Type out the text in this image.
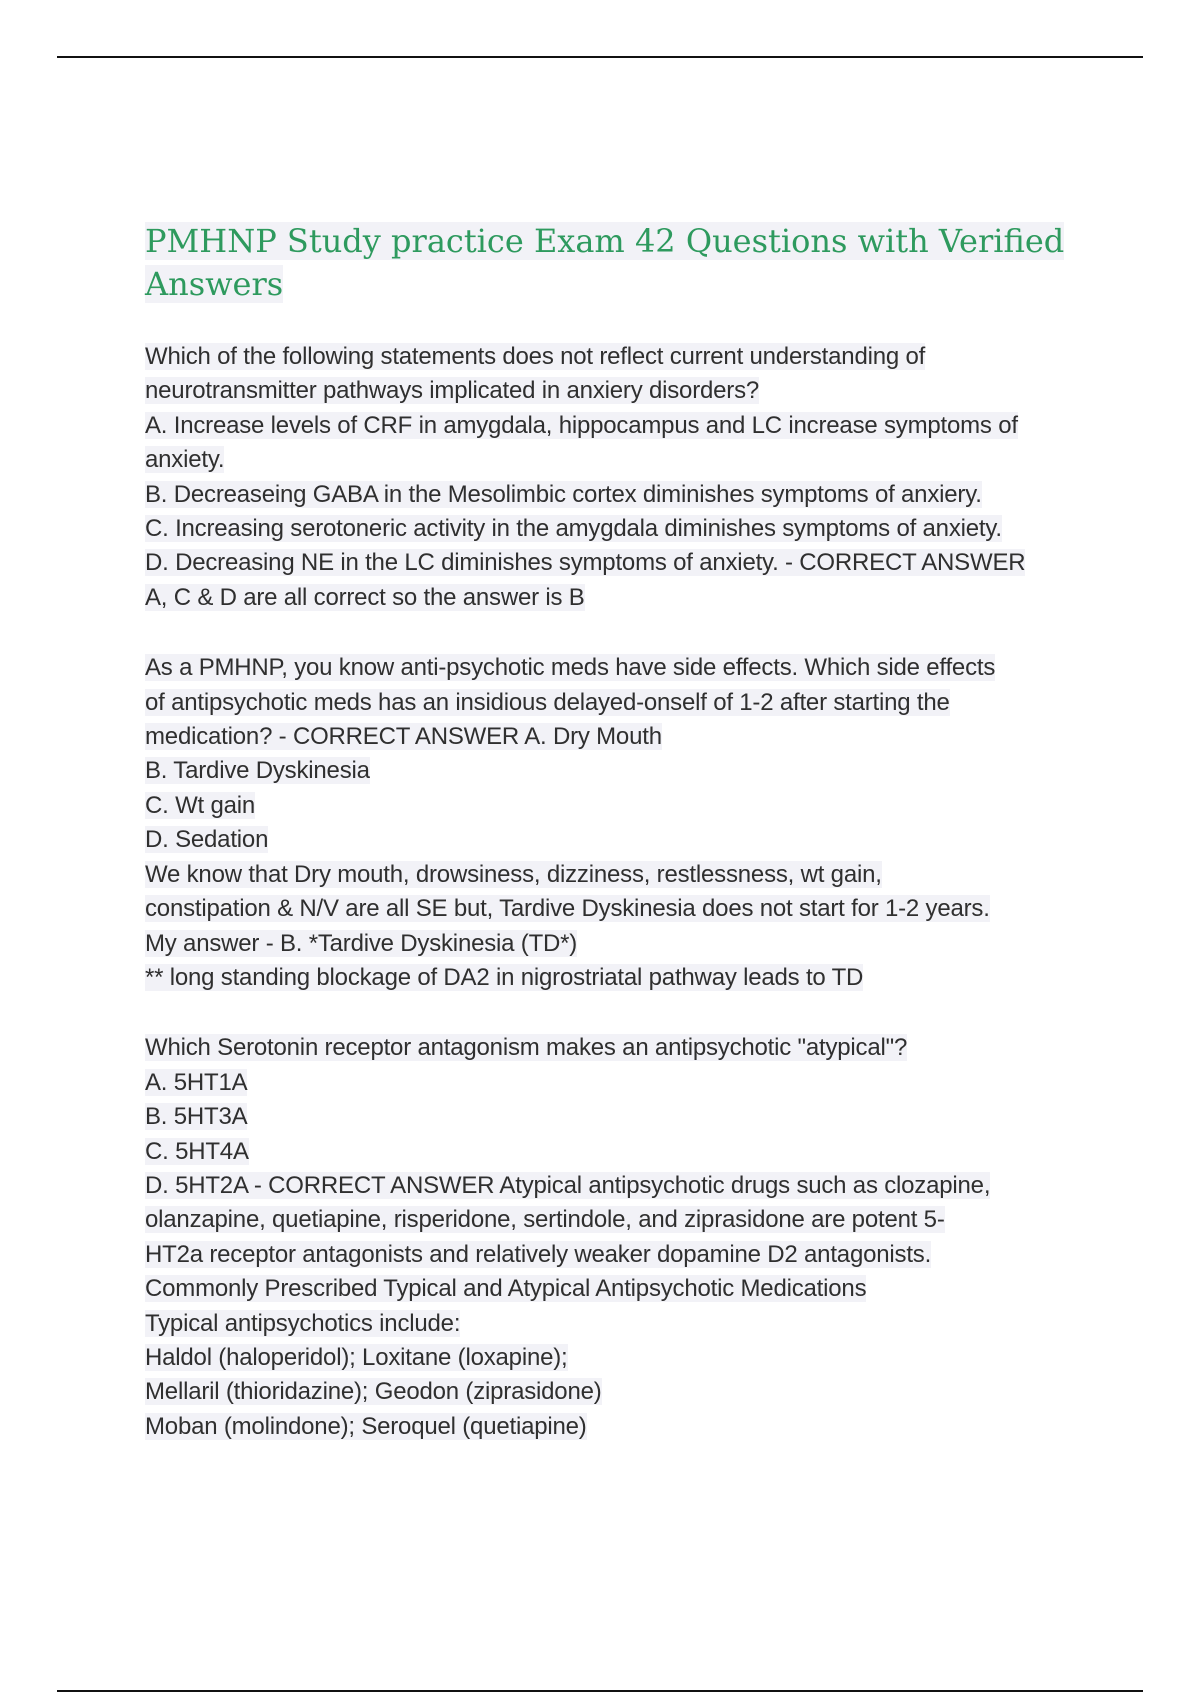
PMHNP Study practice Exam 42 Questions with Verified
Answers
Which of the following statements does not reflect current understanding of
neurotransmitter pathways implicated in anxiery disorders?
A. Increase levels of CRF in amygdala, hippocampus and LC increase symptoms of
anxiety.
B. Decreaseing GABA in the Mesolimbic cortex diminishes symptoms of anxiery.
C. Increasing serotoneric activity in the amygdala diminishes symptoms of anxiety.
D. Decreasing NE in the LC diminishes symptoms of anxiety. - CORRECT ANSWER
A, C & D are all correct so the answer is B
As a PMHNP, you know anti-psychotic meds have side effects. Which side effects
of antipsychotic meds has an insidious delayed-onself of 1-2 after starting the
medication? - CORRECT ANSWER A. Dry Mouth
B. Tardive Dyskinesia
C. Wt gain
D. Sedation
We know that Dry mouth, drowsiness, dizziness, restlessness, wt gain,
constipation & N/V are all SE but, Tardive Dyskinesia does not start for 1-2 years.
My answer - B. *Tardive Dyskinesia (TD*)
** long standing blockage of DA2 in nigrostriatal pathway leads to TD
Which Serotonin receptor antagonism makes an antipsychotic "atypical"?
A. 5HT1A
B. 5HT3A
C. 5HT4A
D. 5HT2A - CORRECT ANSWER Atypical antipsychotic drugs such as clozapine,
olanzapine, quetiapine, risperidone, sertindole, and ziprasidone are potent 5-
HT2a receptor antagonists and relatively weaker dopamine D2 antagonists.
Commonly Prescribed Typical and Atypical Antipsychotic Medications
Typical antipsychotics include:
Haldol (haloperidol); Loxitane (loxapine);
Mellaril (thioridazine); Geodon (ziprasidone)
Moban (molindone); Seroquel (quetiapine)
